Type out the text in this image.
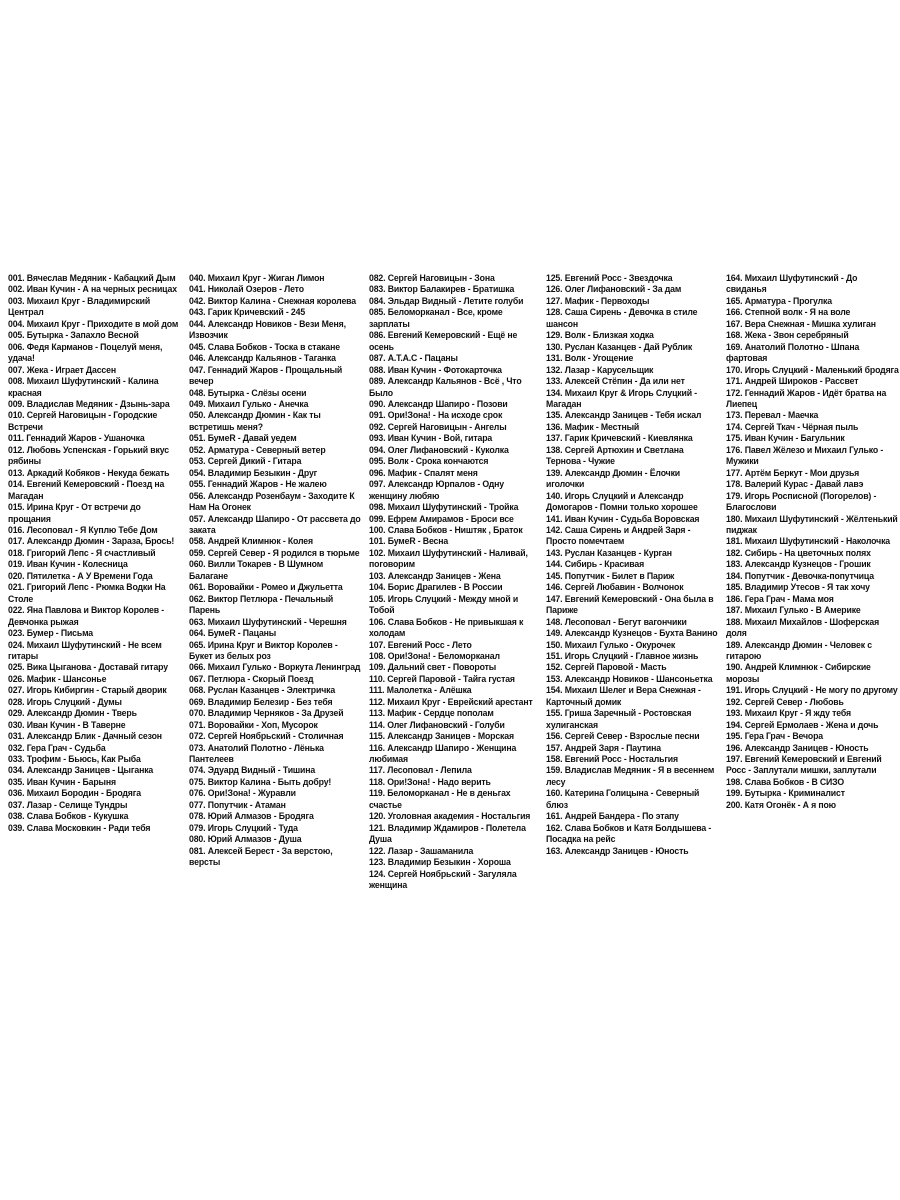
001. Вячеслав Медяник - Кабацкий Дым
002. Иван Кучин - А на черных ресницах
003. Михаил Круг - Владимирский Централ
004. Михаил Круг - Приходите в мой дом
005. Бутырка - Запахло Весной
006. Федя Карманов - Поцелуй меня, удача!
007. Жека - Играет Дассен
008. Михаил Шуфутинский - Калина красная
009. Владислав Медяник - Дзынь-зара
010. Сергей Наговицын - Городские Встречи
011. Геннадий Жаров - Ушаночка
012. Любовь Успенская - Горький вкус рябины
013. Аркадий Кобяков - Некуда бежать
014. Евгений Кемеровский - Поезд на Магадан
015. Ирина Круг - От встречи до прощания
016. Лесоповал - Я Куплю Тебе Дом
017. Александр Дюмин - Зараза, Брось!
018. Григорий Лепс - Я счастливый
019. Иван Кучин - Колесница
020. Пятилетка - А У Времени Года
021. Григорий Лепс - Рюмка Водки На Столе
022. Яна Павлова и Виктор Королев - Девчонка рыжая
023. Бумер - Письма
024. Михаил Шуфутинский - Не всем гитары
025. Вика Цыганова - Доставай гитару
026. Мафик - Шансонье
027. Игорь Кибиргин - Старый дворик
028. Игорь Слуцкий - Думы
029. Александр Дюмин - Тверь
030. Иван Кучин - В Таверне
031. Александр Блик - Дачный сезон
032. Гера Грач - Судьба
033. Трофим - Бьюсь, Как Рыба
034. Александр Заницев - Цыганка
035. Иван Кучин - Барыня
036. Михаил Бородин - Бродяга
037. Лазар - Селище Тундры
038. Слава Бобков - Кукушка
039. Слава Московкин - Ради тебя
040. Михаил Круг - Жиган Лимон
041. Николай Озеров - Лето
042. Виктор Калина - Снежная королева
043. Гарик Кричевский - 245
044. Александр Новиков - Вези Меня, Извозчик
045. Слава Бобков - Тоска в стакане
046. Александр Кальянов - Таганка
047. Геннадий Жаров - Прощальный вечер
048. Бутырка - Слёзы осени
049. Михаил Гулько - Анечка
050. Александр Дюмин - Как ты встретишь меня?
051. БумеR - Давай уедем
052. Арматура - Северный ветер
053. Сергей Дикий - Гитара
054. Владимир Безыкин - Друг
055. Геннадий Жаров - Не жалею
056. Александр Розенбаум - Заходите К Нам На Огонек
057. Александр Шапиро - От рассвета до заката
058. Андрей Климнюк - Колея
059. Сергей Север - Я родился в тюрьме
060. Вилли Токарев - В Шумном Балагане
061. Воровайки - Ромео и Джульетта
062. Виктор Петлюра - Печальный Парень
063. Михаил Шуфутинский - Черешня
064. БумеR - Пацаны
065. Ирина Круг и Виктор Королев - Букет из белых роз
066. Михаил Гулько - Воркута Ленинград
067. Петлюра - Скорый Поезд
068. Руслан Казанцев - Электричка
069. Владимир Белезир - Без тебя
070. Владимир Черняков - За Друзей
071. Воровайки - Хоп, Мусорок
072. Сергей Ноябрьский - Столичная
073. Анатолий Полотно - Лёнька Пантелеев
074. Эдуард Видный - Тишина
075. Виктор Калина - Быть добру!
076. Ори!Зона! - Журавли
077. Попутчик - Атаман
078. Юрий Алмазов - Бродяга
079. Игорь Слуцкий - Туда
080. Юрий Алмазов - Душа
081. Алексей Берест - За верстою, версты
082. Сергей Наговицын - Зона
083. Виктор Балакирев - Братишка
084. Эльдар Видный - Летите голуби
085. Беломорканал - Все, кроме зарплаты
086. Евгений Кемеровский - Ещё не осень
087. А.Т.А.С - Пацаны
088. Иван Кучин - Фотокарточка
089. Александр Кальянов - Всё , Что Было
090. Александр Шапиро - Позови
091. Ори!Зона! - На исходе срок
092. Сергей Наговицын - Ангелы
093. Иван Кучин - Вой, гитара
094. Олег Лифановский - Куколка
095. Волк - Срока кончаются
096. Мафик - Спалят меня
097. Александр Юрпалов - Одну женщину любяю
098. Михаил Шуфутинский - Тройка
099. Ефрем Амирамов - Броси все
100. Слава Бобков - Ништяк , Браток
101. БумеR - Весна
102. Михаил Шуфутинский - Наливай, поговорим
103. Александр Заницев - Жена
104. Борис Драгилев - В России
105. Игорь Слуцкий - Между мной и Тобой
106. Слава Бобков - Не привыкшая к холодам
107. Евгений Росс - Лето
108. Ори!Зона! - Беломорканал
109. Дальний свет - Повороты
110. Сергей Паровой - Тайга густая
111. Малолетка - Алёшка
112. Михаил Круг - Еврейский арестант
113. Мафик - Сердце пополам
114. Олег Лифановский - Голуби
115. Александр Заницев - Морская
116. Александр Шапиро - Женщина любимая
117. Лесоповал - Лепила
118. Ори!Зона! - Надо верить
119. Беломорканал - Не в деньгах счастье
120. Уголовная академия - Ностальгия
121. Владимир Ждамиров - Полетела Душа
122. Лазар - Зашаманила
123. Владимир Безыкин - Хороша
124. Сергей Ноябрьский - Загуляла женщина
125. Евгений Росс - Звездочка
126. Олег Лифановский - За дам
127. Мафик - Первоходы
128. Саша Сирень - Девочка в стиле шансон
129. Волк - Близкая ходка
130. Руслан Казанцев - Дай Рублик
131. Волк - Угощение
132. Лазар - Карусельщик
133. Алексей Стёпин - Да или нет
134. Михаил Круг & Игорь Слуцкий - Магадан
135. Александр Заницев - Тебя искал
136. Мафик - Местный
137. Гарик Кричевский - Киевлянка
138. Сергей Артюхин и Светлана Тернова - Чужие
139. Александр Дюмин - Ёлочки иголочки
140. Игорь Слуцкий и Александр Домогаров - Помни только хорошее
141. Иван Кучин - Судьба Воровская
142. Саша Сирень и Андрей Заря - Просто помечтаем
143. Руслан Казанцев - Курган
144. Сибирь - Красивая
145. Попутчик - Билет в Париж
146. Сергей Любавин - Волчонок
147. Евгений Кемеровский - Она была в Париже
148. Лесоповал - Бегут вагончики
149. Александр Кузнецов - Бухта Ванино
150. Михаил Гулько - Окурочек
151. Игорь Слуцкий - Главное жизнь
152. Сергей Паровой - Масть
153. Александр Новиков - Шансоньетка
154. Михаил Шелег и Вера Снежная - Карточный домик
155. Гриша Заречный - Ростовская хулиганская
156. Сергей Север - Взрослые песни
157. Андрей Заря - Паутина
158. Евгений Росс - Ностальгия
159. Владислав Медяник - Я в весеннем лесу
160. Катерина Голицына - Северный блюз
161. Андрей Бандера - По этапу
162. Слава Бобков и Катя Болдышева - Посадка на рейс
163. Александр Заницев - Юность
164. Михаил Шуфутинский - До свиданья
165. Арматура - Прогулка
166. Степной волк - Я на воле
167. Вера Снежная - Мишка хулиган
168. Жека - Звон серебряный
169. Анатолий Полотно - Шпана фартовая
170. Игорь Слуцкий - Маленький бродяга
171. Андрей Широков - Рассвет
172. Геннадий Жаров - Идёт братва на Лиепец
173. Перевал - Маечка
174. Сергей Ткач - Чёрная пыль
175. Иван Кучин - Багульник
176. Павел Жёлезо и Михаил Гулько - Мужики
177. Артём Беркут - Мои друзья
178. Валерий Курас - Давай лавэ
179. Игорь Росписной (Погорелов) - Благослови
180. Михаил Шуфутинский - Жёлтенький пиджак
181. Михаил Шуфутинский - Наколочка
182. Сибирь - На цветочных полях
183. Александр Кузнецов - Грошик
184. Попутчик - Девочка-попутчица
185. Владимир Утесов - Я так хочу
186. Гера Грач - Мама моя
187. Михаил Гулько - В Америке
188. Михаил Михайлов - Шоферская доля
189. Александр Дюмин - Человек с гитарою
190. Андрей Климнюк - Сибирские морозы
191. Игорь Слуцкий - Не могу по другому
192. Сергей Север - Любовь
193. Михаил Круг - Я жду тебя
194. Сергей Ермолаев - Жена и дочь
195. Гера Грач - Вечора
196. Александр Заницев - Юность
197. Евгений Кемеровский и Евгений Росс - Заплутали мишки, заплутали
198. Слава Бобков - В СИЗО
199. Бутырка - Криминалист
200. Катя Огонёк - А я пою
